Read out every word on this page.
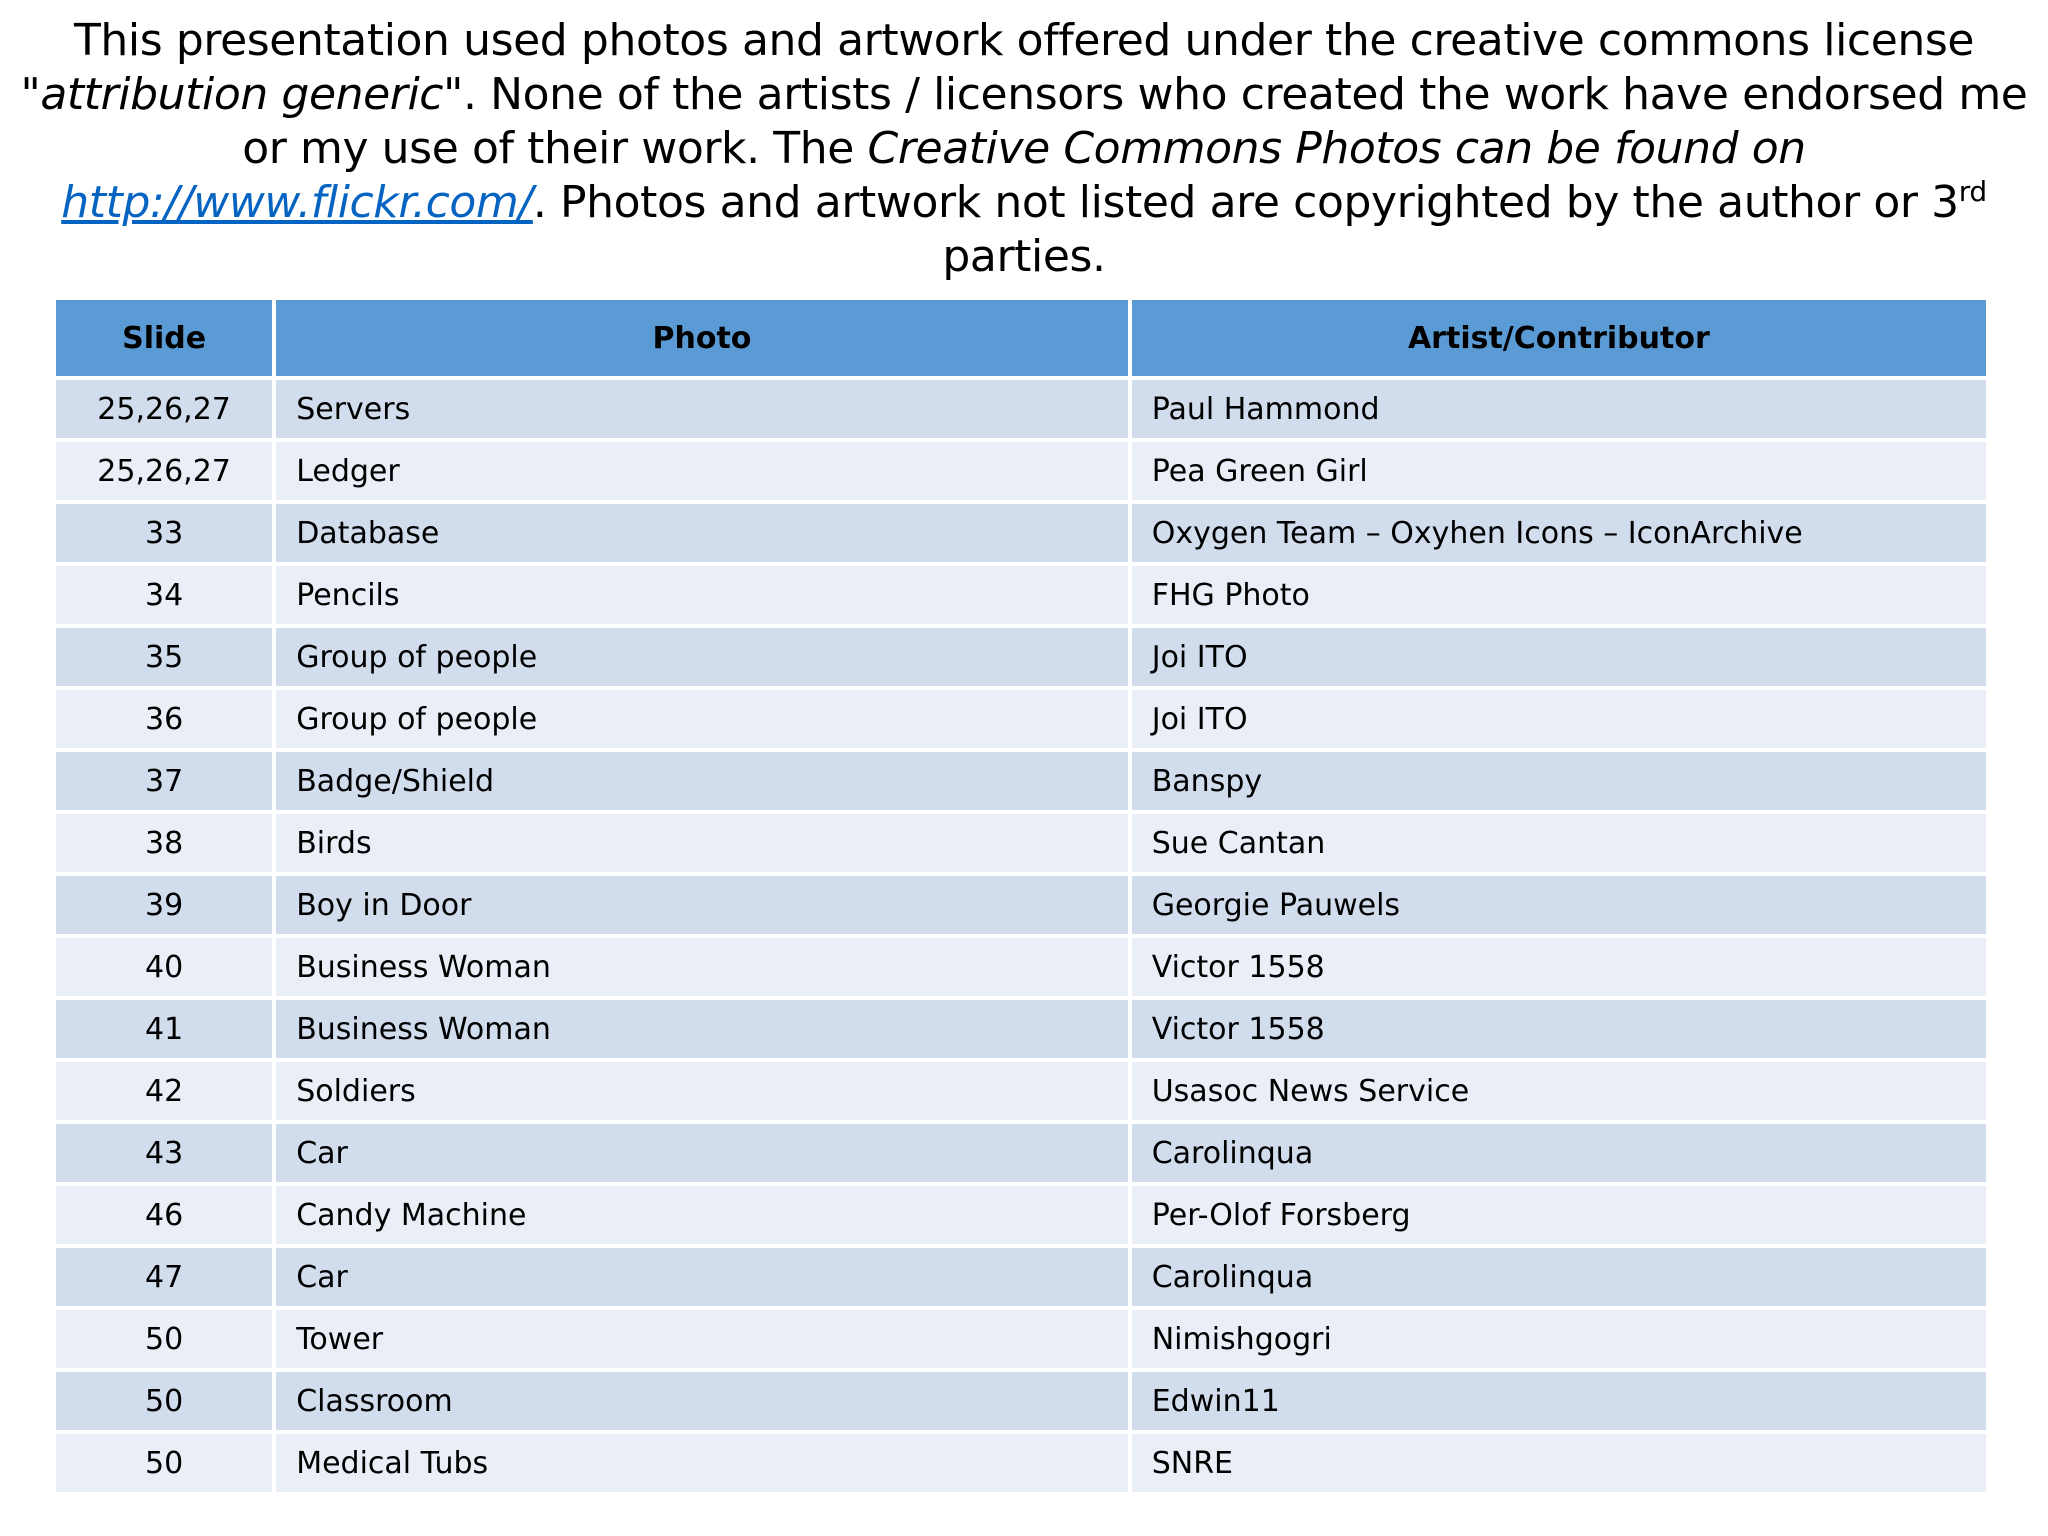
This presentation used photos and artwork offered under the creative commons license "attribution generic". None of the artists / licensors who created the work have endorsed me or my use of their work. The Creative Commons Photos can be found on http://www.flickr.com/. Photos and artwork not listed are copyrighted by the author or 3rd parties.
Slide	Photo	Artist/Contributor
25,26,27	Servers	Paul Hammond
25,26,27	Ledger	Pea Green Girl
33	Database	Oxygen Team – Oxyhen Icons – IconArchive
34	Pencils	FHG Photo
35	Group of people	Joi ITO
36	Group of people	Joi ITO
37	Badge/Shield	Banspy
38	Birds	Sue Cantan
39	Boy in Door	Georgie Pauwels
40	Business Woman	Victor 1558
41	Business Woman	Victor 1558
42	Soldiers	Usasoc News Service
43	Car	Carolinqua
46	Candy Machine	Per-Olof Forsberg
47	Car	Carolinqua
50	Tower	Nimishgogri
50	Classroom	Edwin11
50	Medical Tubs	SNRE
